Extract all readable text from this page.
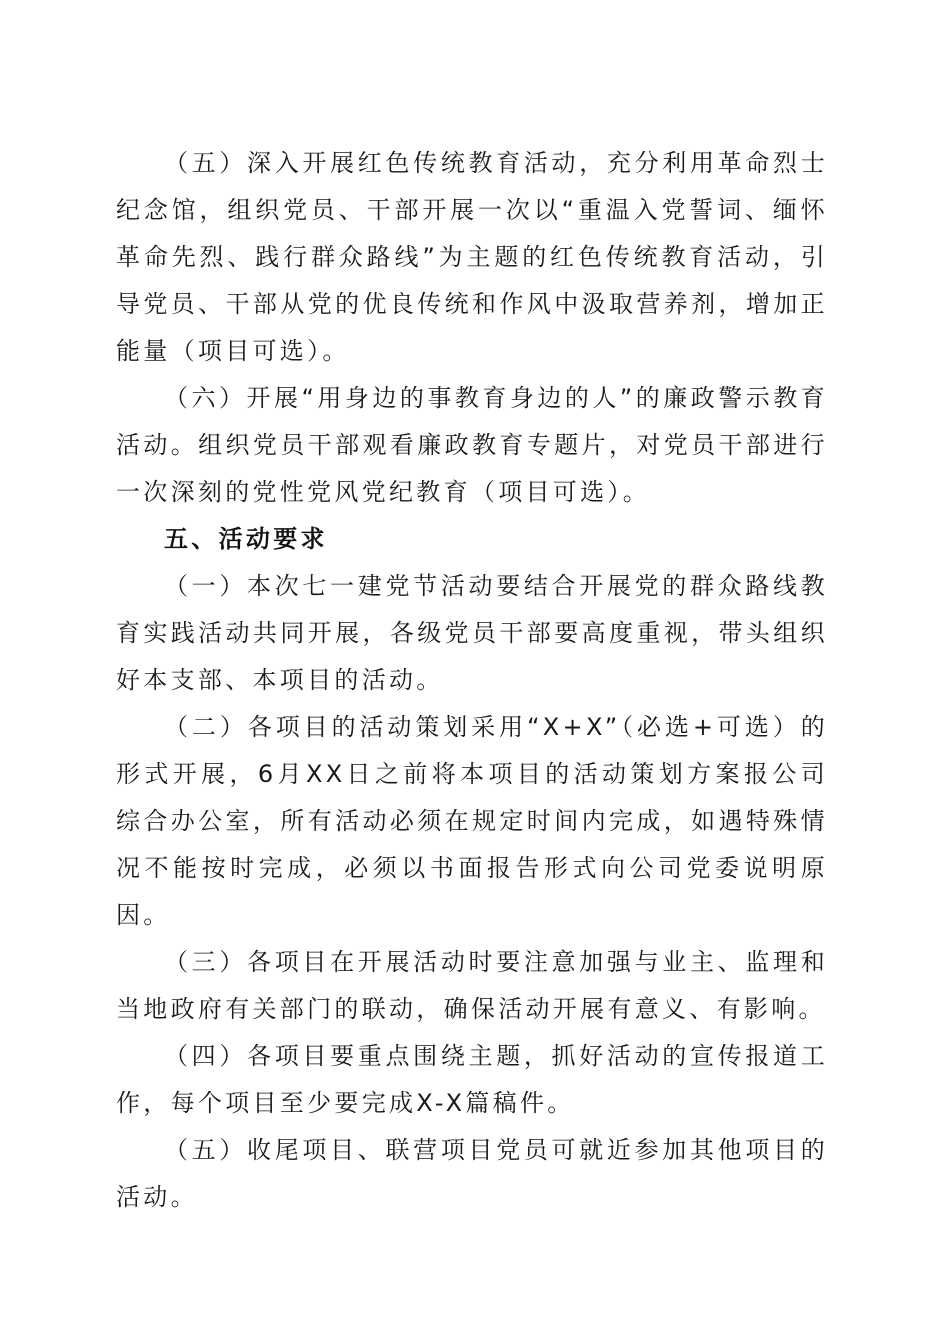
（五）深入开展红色传统教育活动，充分利用革命烈士纪念馆，组织党员、干部开展一次以“重温入党誓词、缅怀革命先烈、践行群众路线”为主题的红色传统教育活动，引导党员、干部从党的优良传统和作风中汲取营养剂，增加正能量（项目可选）。

（六）开展“用身边的事教育身边的人”的廉政警示教育活动。组织党员干部观看廉政教育专题片，对党员干部进行一次深刻的党性党风党纪教育（项目可选）。

五、活动要求

（一）本次七一建党节活动要结合开展党的群众路线教育实践活动共同开展，各级党员干部要高度重视，带头组织好本支部、本项目的活动。

（二）各项目的活动策划采用“X+X”（必选+可选）的形式开展，6月XX日之前将本项目的活动策划方案报公司综合办公室，所有活动必须在规定时间内完成，如遇特殊情况不能按时完成，必须以书面报告形式向公司党委说明原因。

（三）各项目在开展活动时要注意加强与业主、监理和当地政府有关部门的联动，确保活动开展有意义、有影响。

（四）各项目要重点围绕主题，抓好活动的宣传报道工作，每个项目至少要完成X-X篇稿件。

（五）收尾项目、联营项目党员可就近参加其他项目的活动。
